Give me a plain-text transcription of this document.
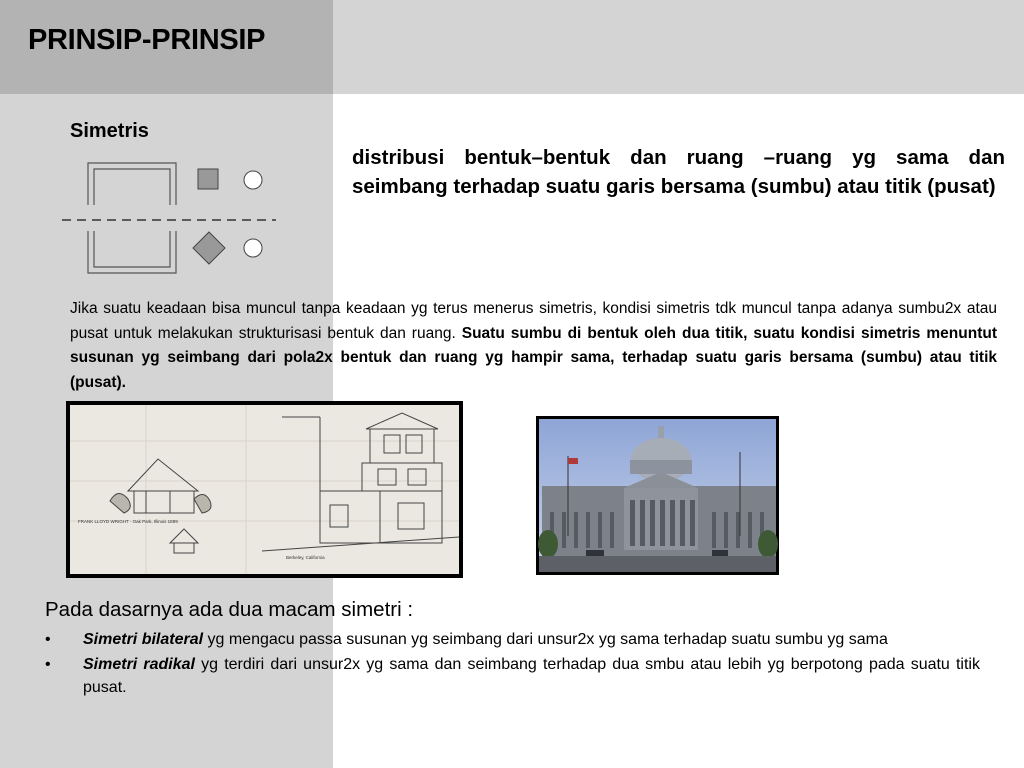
PRINSIP-PRINSIP
Simetris

distribusi bentuk–bentuk dan ruang –ruang yg sama dan seimbang terhadap suatu garis bersama (sumbu) atau titik (pusat)

Jika suatu keadaan bisa muncul tanpa keadaan yg terus menerus simetris, kondisi simetris tdk muncul tanpa adanya sumbu2x atau pusat untuk melakukan strukturisasi bentuk dan ruang. Suatu sumbu di bentuk oleh dua titik, suatu kondisi simetris menuntut susunan yg seimbang dari pola2x bentuk dan ruang yg hampir sama, terhadap suatu garis bersama (sumbu) atau titik (pusat).

FRANK LLOYD WRIGHT · Oak Park, Illinois 1889
Berkeley, California

Pada dasarnya ada dua macam simetri :

• Simetri bilateral yg mengacu passa susunan yg seimbang dari unsur2x yg sama terhadap suatu sumbu yg sama
• Simetri radikal yg terdiri dari unsur2x yg sama dan seimbang terhadap dua smbu atau lebih yg berpotong pada suatu titik pusat.
